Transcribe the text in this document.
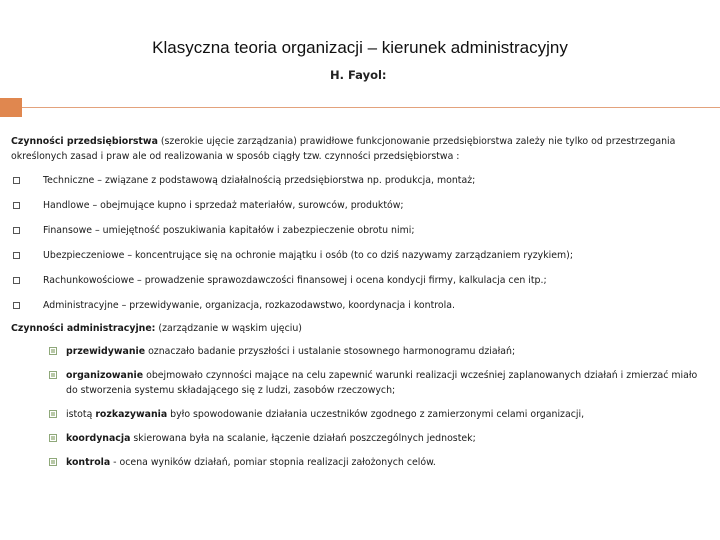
Klasyczna teoria organizacji – kierunek administracyjny
H. Fayol:

Czynności przedsiębiorstwa (szerokie ujęcie zarządzania) prawidłowe funkcjonowanie przedsiębiorstwa zależy nie tylko od przestrzegania określonych zasad i praw ale od realizowania w sposób ciągły tzw. czynności przedsiębiorstwa :

Techniczne – związane z podstawową działalnością przedsiębiorstwa np. produkcja, montaż;
Handlowe – obejmujące kupno i sprzedaż materiałów, surowców, produktów;
Finansowe – umiejętność poszukiwania kapitałów i zabezpieczenie obrotu nimi;
Ubezpieczeniowe – koncentrujące się na ochronie majątku i osób (to co dziś nazywamy zarządzaniem ryzykiem);
Rachunkowościowe – prowadzenie sprawozdawczości finansowej i ocena kondycji firmy, kalkulacja cen itp.;
Administracyjne – przewidywanie, organizacja, rozkazodawstwo, koordynacja i kontrola.

Czynności administracyjne: (zarządzanie w wąskim ujęciu)

przewidywanie oznaczało badanie przyszłości i ustalanie stosownego harmonogramu działań;
organizowanie obejmowało czynności mające na celu zapewnić warunki realizacji wcześniej zaplanowanych działań i zmierzać miało do stworzenia systemu składającego się z ludzi, zasobów rzeczowych;
istotą rozkazywania było spowodowanie działania uczestników zgodnego z zamierzonymi celami organizacji,
koordynacja skierowana była na scalanie, łączenie działań poszczególnych jednostek;
kontrola - ocena wyników działań, pomiar stopnia realizacji założonych celów.
